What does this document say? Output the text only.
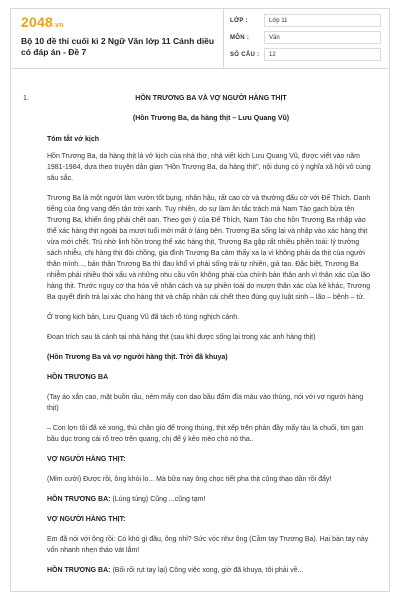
2048.vn
Bộ 10 đề thi cuối kì 2 Ngữ Văn lớp 11 Cánh diều có đáp án - Đề 7
LỚP :	Lớp 11
MÔN :	Văn
SỐ CÂU :	12
1.	HỒN TRƯƠNG BA VÀ VỢ NGƯỜI HÀNG THỊT
(Hồn Trương Ba, da hàng thịt – Lưu Quang Vũ)

Tóm tắt vở kịch

Hồn Trương Ba, da hàng thịt là vở kịch của nhà thơ, nhà viết kịch Lưu Quang Vũ, được viết vào năm 1981-1984, dựa theo truyện dân gian "Hồn Trương Ba, da hàng thịt", nội dung có ý nghĩa xã hội vô cùng sâu sắc.

Trương Ba là một người làm vườn tốt bụng, nhân hậu, rất cao cờ và thường đấu cờ với Đế Thích. Danh tiếng của ông vang đến tận trời xanh. Tuy nhiên, do sự làm ăn tắc trách mà Nam Tào gạch bừa tên Trương Ba, khiến ông phải chết oan. Theo gợi ý của Đế Thích, Nam Tào cho hồn Trương Ba nhập vào thể xác hàng thịt ngoài ba mươi tuổi mới mất ở làng bên. Trương Ba sống lại và nhập vào xác hàng thịt vừa mới chết. Trú nhờ linh hồn trong thể xác hàng thịt, Trương Ba gặp rất nhiều phiền toái: lý trưởng sách nhiễu, chị hàng thịt đòi chồng, gia đình Trương Ba cảm thấy xa lạ vì không phải da thịt của người thân mình..., bản thân Trương Ba thì đau khổ vì phải sống trái tự nhiên, giả tạo. Đặc biệt, Trương Ba nhiễm phải nhiều thói xấu và những nhu cầu vốn không phải của chính bản thân anh vì thân xác của lão hàng thịt. Trước nguy cơ tha hóa về nhân cách và sự phiền toái do mượn thân xác của kẻ khác, Trương Ba quyết định trả lại xác cho hàng thịt và chấp nhận cái chết theo đúng quy luật sinh – lão – bệnh – tử.

Ở trong kịch bản, Lưu Quang Vũ đã tách rõ tùng nghịch cảnh.

Đoạn trích sau là cảnh tại nhà hàng thịt (sau khi được sống lại trong xác anh hàng thịt)

(Hồn Trương Ba và vợ người hàng thịt. Trời đã khuya)

HỒN TRƯƠNG BA

(Tay áo xắn cao, mặt buồn rầu, ném mấy con dao bầu đấm đìa máu vào thùng, nói với vợ người hàng thịt)

– Con lợn tôi đã xẻ xong, thủ chân giò để trong thúng, thịt xếp trên phản đầy mấy tàu lá chuối, tim gan bầu dục trong cái rổ treo trên quang, chị để ý kẻo mèo chó nó tha..

VỢ NGƯỜI HÀNG THỊT:

(Mỉm cười) Được rồi, ông khỏi lo... Mà bữa nay ông chọc tiết pha thịt cũng thạo dần rồi đấy!

HỒN TRƯƠNG BA: (Lúng túng) Cũng ...cũng tạm!

VỢ NGƯỜI HÀNG THỊT:

Em đã nói với ông rồi: Có khó gì đâu, ông nhỉ? Sức vóc như ông (Cầm tay Trương Ba). Hai bàn tay này vốn nhanh nhẹn tháo vát lắm!

HỒN TRƯƠNG BA: (Bối rối rụt tay lại) Công việc xong, giờ đã khuya, tôi phải về...
